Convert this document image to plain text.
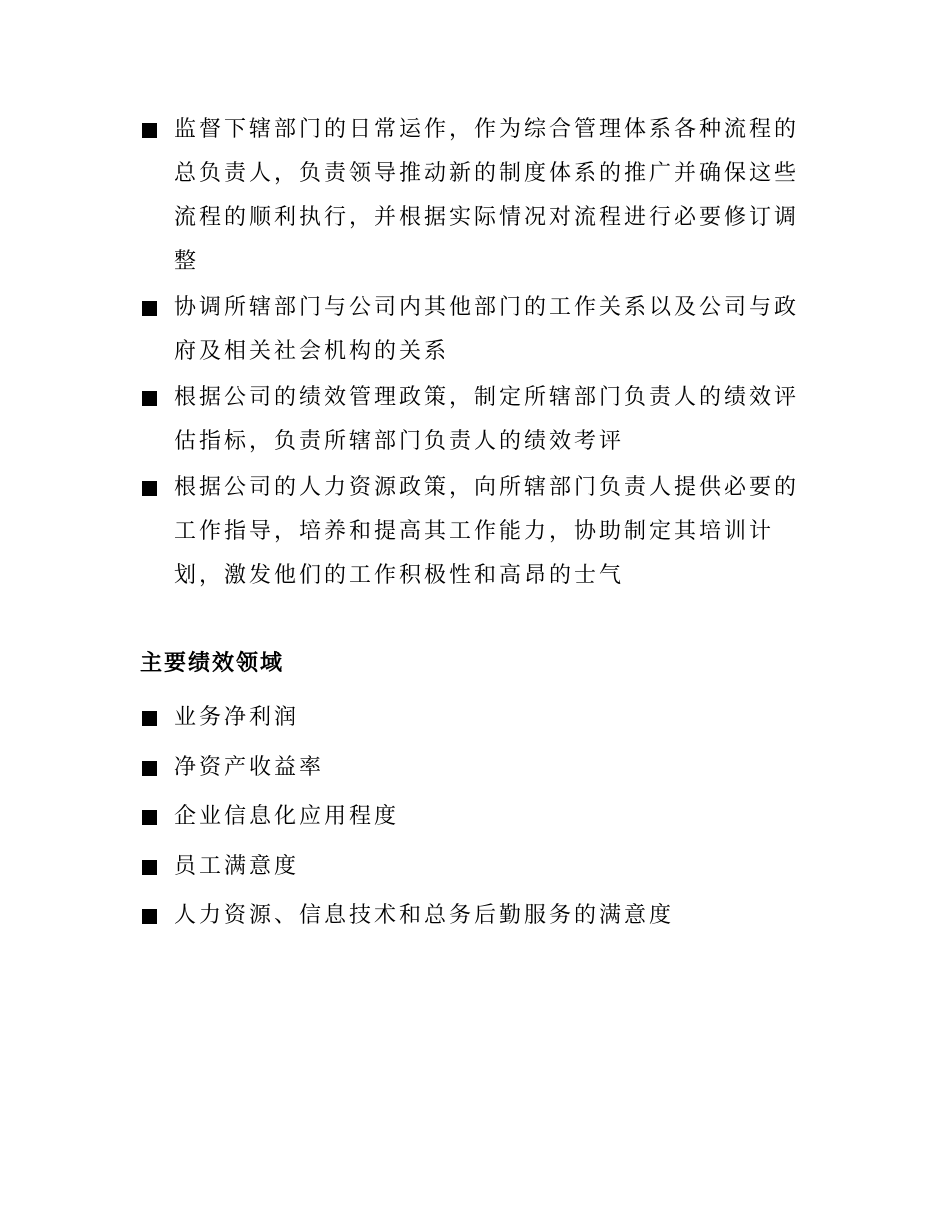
监督下辖部门的日常运作，作为综合管理体系各种流程的总负责人，负责领导推动新的制度体系的推广并确保这些流程的顺利执行，并根据实际情况对流程进行必要修订调整
协调所辖部门与公司内其他部门的工作关系以及公司与政府及相关社会机构的关系
根据公司的绩效管理政策，制定所辖部门负责人的绩效评估指标，负责所辖部门负责人的绩效考评
根据公司的人力资源政策，向所辖部门负责人提供必要的工作指导，培养和提高其工作能力，协助制定其培训计划，激发他们的工作积极性和高昂的士气
主要绩效领域
业务净利润
净资产收益率
企业信息化应用程度
员工满意度
人力资源、信息技术和总务后勤服务的满意度
